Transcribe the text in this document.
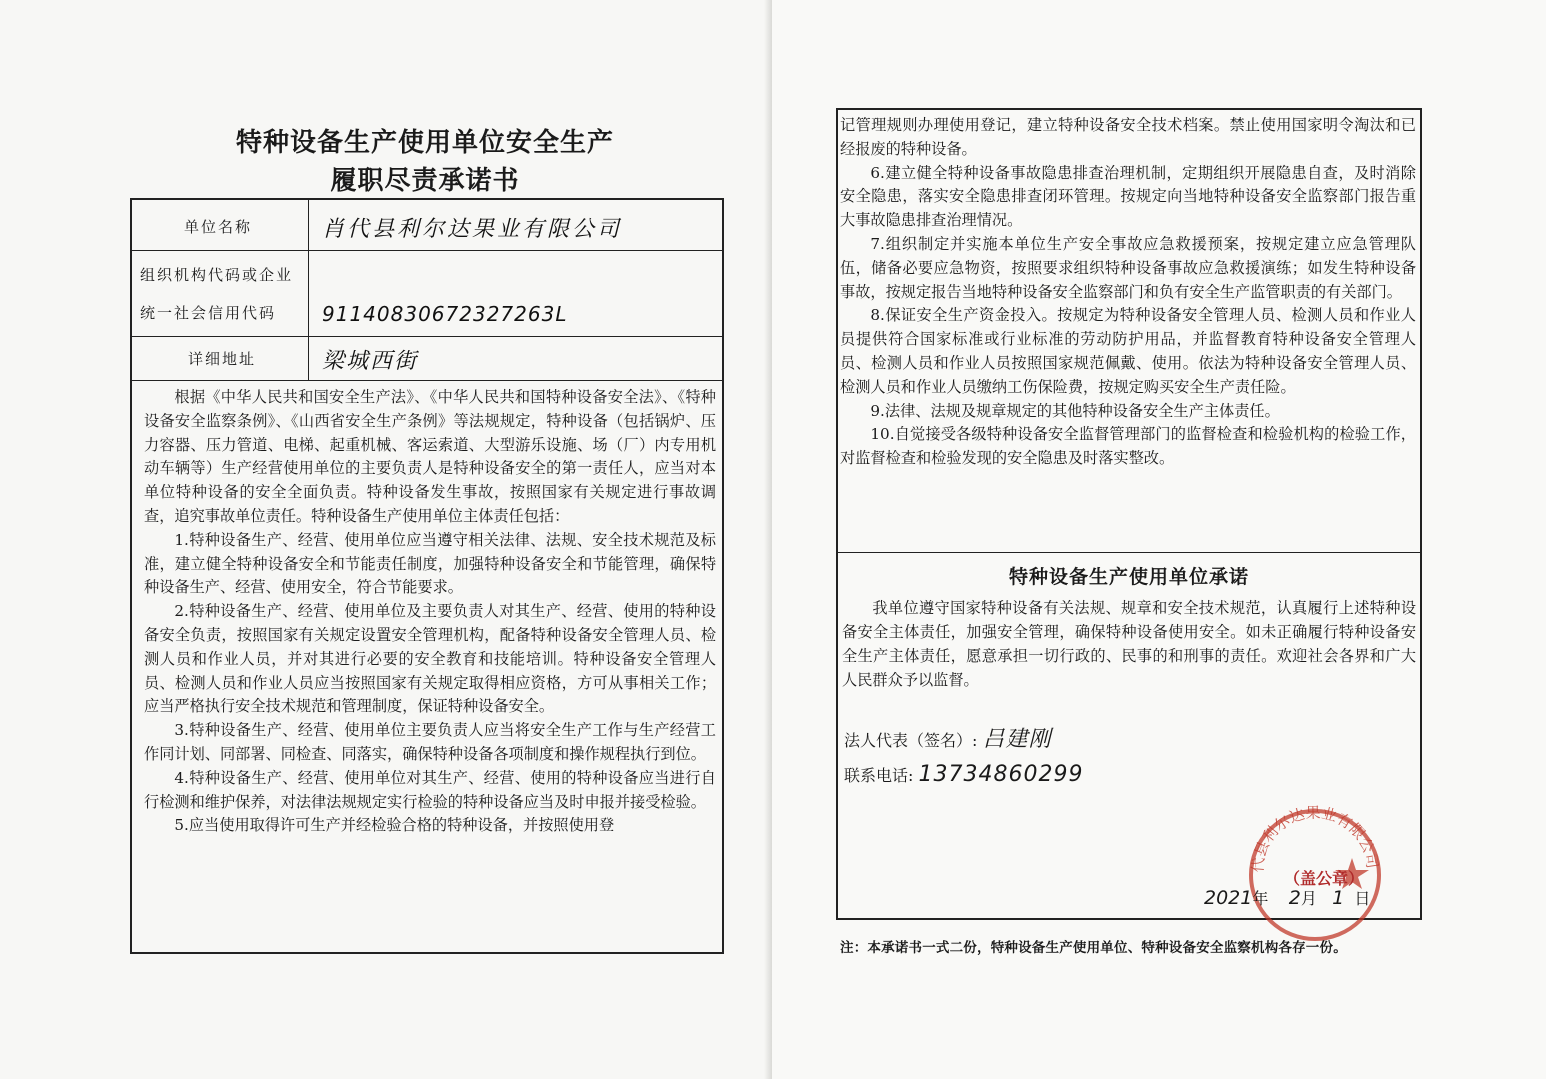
特种设备生产使用单位安全生产
履职尽责承诺书
单位名称	肖代县利尔达果业有限公司
组织机构代码或企业
统一社会信用代码 91140830672327263L
详细地址	梁城西街

根据《中华人民共和国安全生产法》、《中华人民共和国特种设备安全法》、《特种设备安全监察条例》、《山西省安全生产条例》等法规规定，特种设备（包括锅炉、压力容器、压力管道、电梯、起重机械、客运索道、大型游乐设施、场（厂）内专用机动车辆等）生产经营使用单位的主要负责人是特种设备安全的第一责任人，应当对本单位特种设备的安全全面负责。特种设备发生事故，按照国家有关规定进行事故调查，追究事故单位责任。特种设备生产使用单位主体责任包括：

1.特种设备生产、经营、使用单位应当遵守相关法律、法规、安全技术规范及标准，建立健全特种设备安全和节能责任制度，加强特种设备安全和节能管理，确保特种设备生产、经营、使用安全，符合节能要求。

2.特种设备生产、经营、使用单位及主要负责人对其生产、经营、使用的特种设备安全负责，按照国家有关规定设置安全管理机构，配备特种设备安全管理人员、检测人员和作业人员，并对其进行必要的安全教育和技能培训。特种设备安全管理人员、检测人员和作业人员应当按照国家有关规定取得相应资格，方可从事相关工作；应当严格执行安全技术规范和管理制度，保证特种设备安全。

3.特种设备生产、经营、使用单位主要负责人应当将安全生产工作与生产经营工作同计划、同部署、同检查、同落实，确保特种设备各项制度和操作规程执行到位。

4.特种设备生产、经营、使用单位对其生产、经营、使用的特种设备应当进行自行检测和维护保养，对法律法规规定实行检验的特种设备应当及时申报并接受检验。

5.应当使用取得许可生产并经检验合格的特种设备，并按照使用登

记管理规则办理使用登记，建立特种设备安全技术档案。禁止使用国家明令淘汰和已经报废的特种设备。

6.建立健全特种设备事故隐患排查治理机制，定期组织开展隐患自查，及时消除安全隐患，落实安全隐患排查闭环管理。按规定向当地特种设备安全监察部门报告重大事故隐患排查治理情况。

7.组织制定并实施本单位生产安全事故应急救援预案，按规定建立应急管理队伍，储备必要应急物资，按照要求组织特种设备事故应急救援演练；如发生特种设备事故，按规定报告当地特种设备安全监察部门和负有安全生产监管职责的有关部门。

8.保证安全生产资金投入。按规定为特种设备安全管理人员、检测人员和作业人员提供符合国家标准或行业标准的劳动防护用品，并监督教育特种设备安全管理人员、检测人员和作业人员按照国家规范佩戴、使用。依法为特种设备安全管理人员、检测人员和作业人员缴纳工伤保险费，按规定购买安全生产责任险。

9.法律、法规及规章规定的其他特种设备安全生产主体责任。

10.自觉接受各级特种设备安全监督管理部门的监督检查和检验机构的检验工作，对监督检查和检验发现的安全隐患及时落实整改。

特种设备生产使用单位承诺

我单位遵守国家特种设备有关法规、规章和安全技术规范，认真履行上述特种设备安全主体责任，加强安全管理，确保特种设备使用安全。如未正确履行特种设备安全生产主体责任，愿意承担一切行政的、民事的和刑事的责任。欢迎社会各界和广大人民群众予以监督。

法人代表（签名）: 吕建刚
联系电话: 13734860299
代县利尔达果业有限公司
（盖公章）
2021年 2月 1 日
注：本承诺书一式二份，特种设备生产使用单位、特种设备安全监察机构各存一份。
